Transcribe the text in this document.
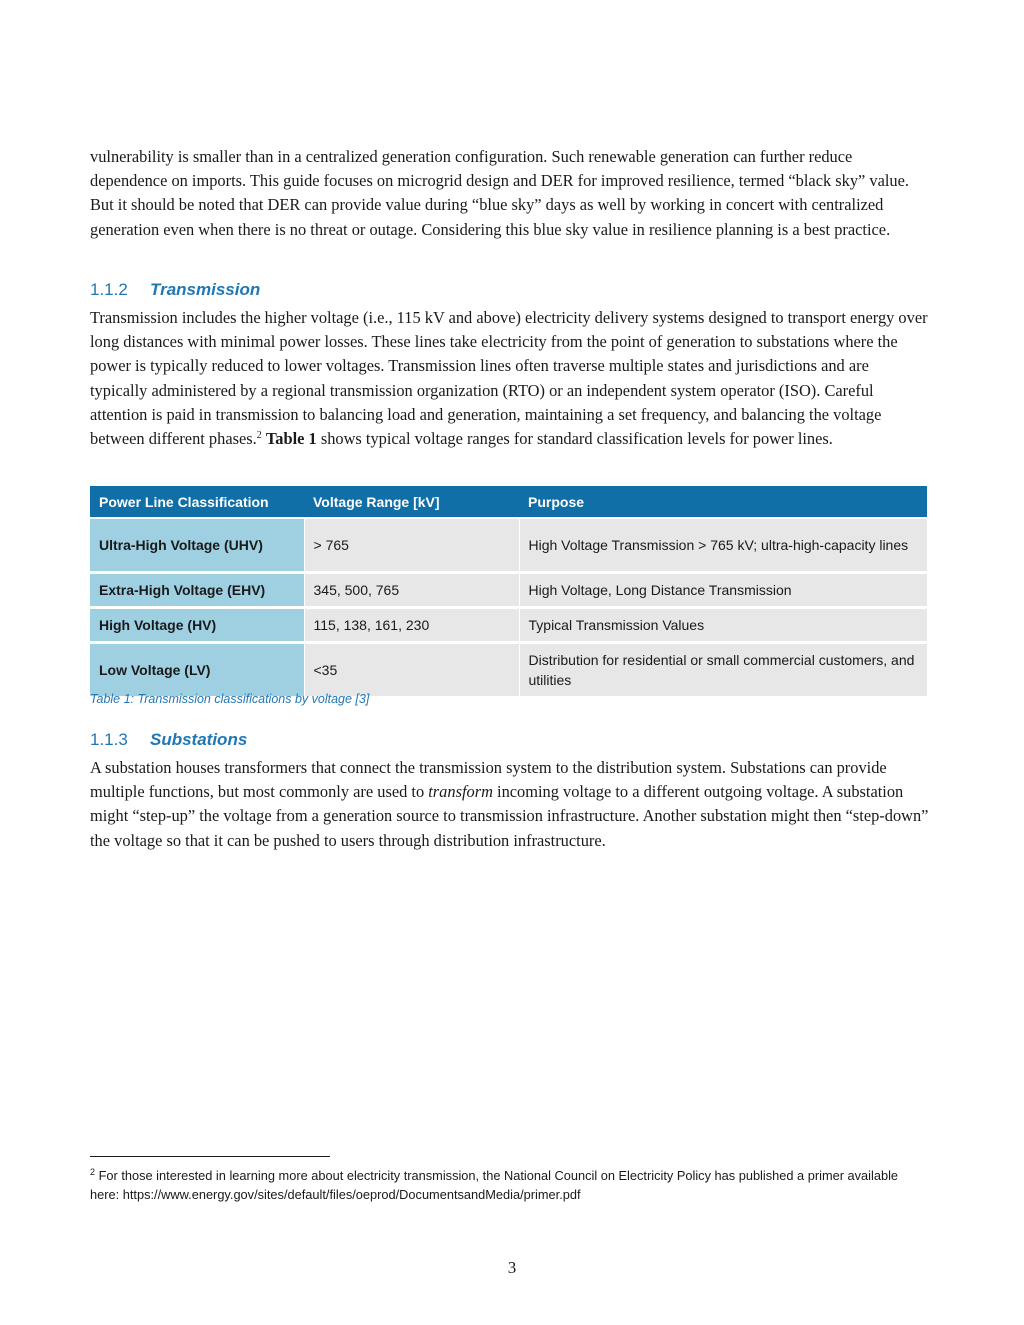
vulnerability is smaller than in a centralized generation configuration. Such renewable generation can further reduce dependence on imports. This guide focuses on microgrid design and DER for improved resilience, termed “black sky” value. But it should be noted that DER can provide value during “blue sky” days as well by working in concert with centralized generation even when there is no threat or outage. Considering this blue sky value in resilience planning is a best practice.

1.1.2 Transmission

Transmission includes the higher voltage (i.e., 115 kV and above) electricity delivery systems designed to transport energy over long distances with minimal power losses. These lines take electricity from the point of generation to substations where the power is typically reduced to lower voltages. Transmission lines often traverse multiple states and jurisdictions and are typically administered by a regional transmission organization (RTO) or an independent system operator (ISO). Careful attention is paid in transmission to balancing load and generation, maintaining a set frequency, and balancing the voltage between different phases.$^2$ Table 1 shows typical voltage ranges for standard classification levels for power lines.

Power Line Classification	Voltage Range [kV]	Purpose
Ultra-High Voltage (UHV)	> 765	High Voltage Transmission > 765 kV; ultra-high-capacity lines
Extra-High Voltage (EHV)	345, 500, 765	High Voltage, Long Distance Transmission
High Voltage (HV)	115, 138, 161, 230	Typical Transmission Values
Low Voltage (LV)	<35	Distribution for residential or small commercial customers, and utilities

Table 1: Transmission classifications by voltage [3]

1.1.3 Substations

A substation houses transformers that connect the transmission system to the distribution system. Substations can provide multiple functions, but most commonly are used to transform incoming voltage to a different outgoing voltage. A substation might “step-up” the voltage from a generation source to transmission infrastructure. Another substation might then “step-down” the voltage so that it can be pushed to users through distribution infrastructure.

$^2$ For those interested in learning more about electricity transmission, the National Council on Electricity Policy has published a primer available here: https://www.energy.gov/sites/default/files/oeprod/DocumentsandMedia/primer.pdf

3
